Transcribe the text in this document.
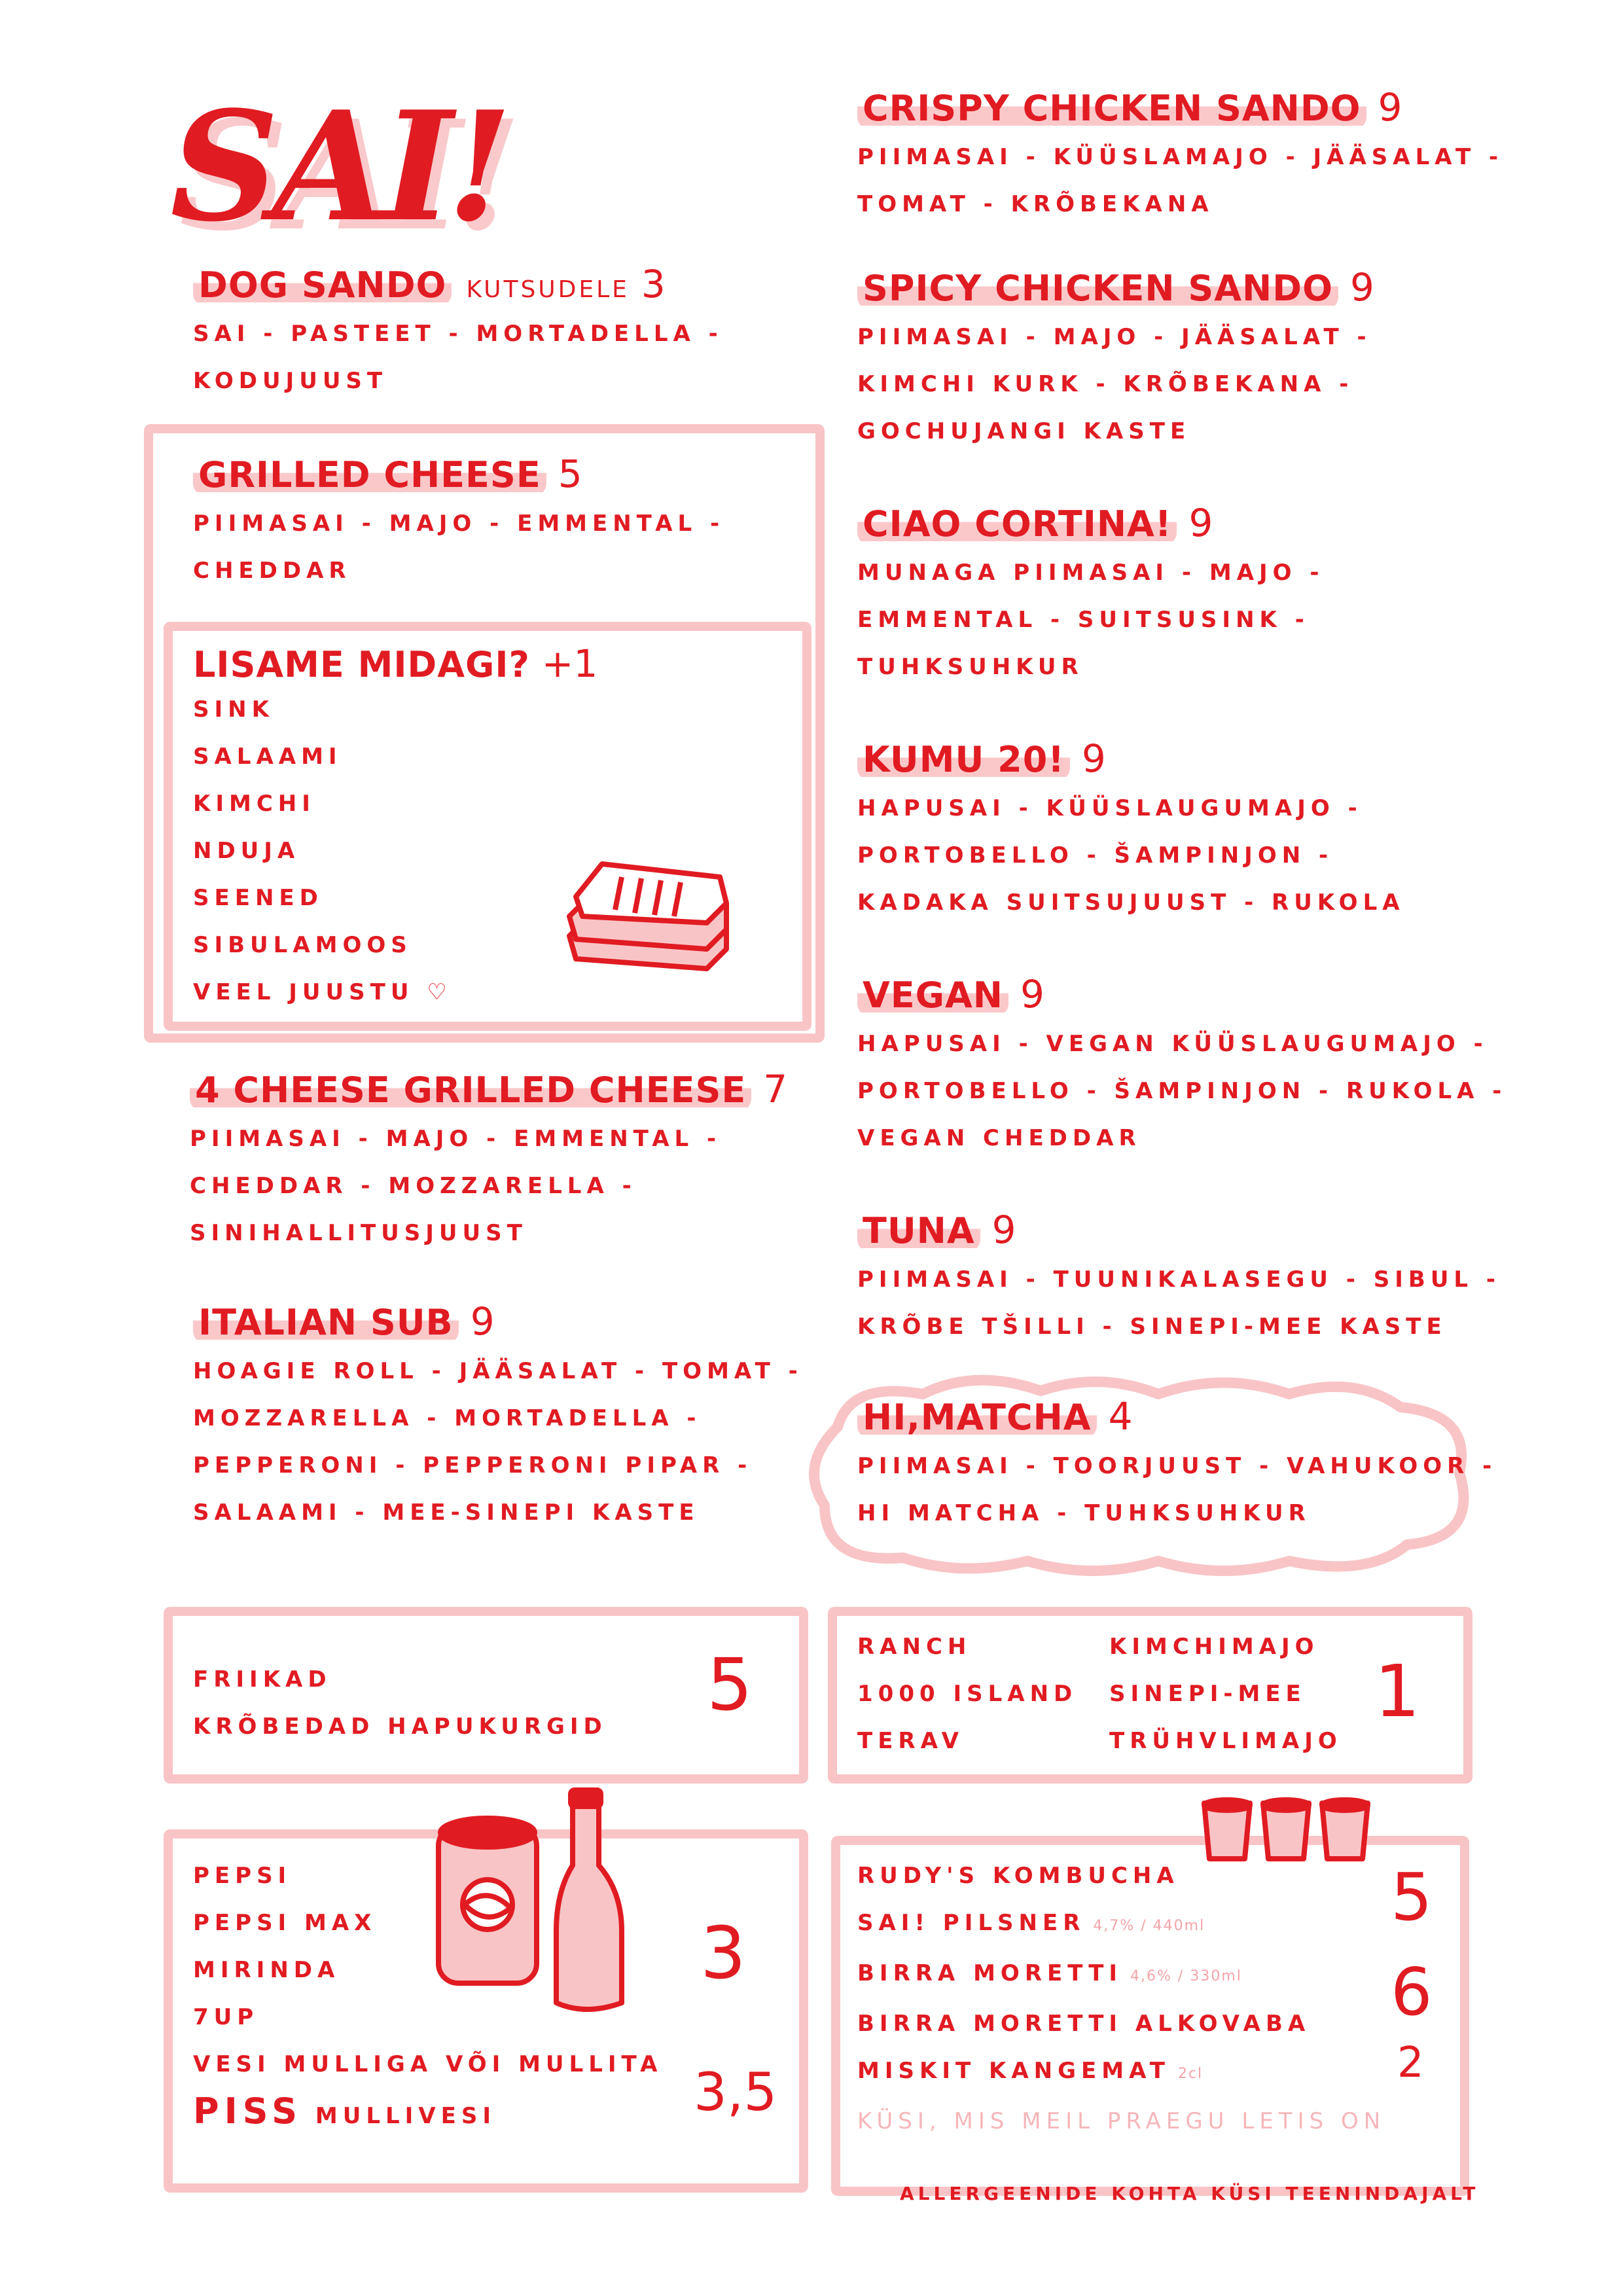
SAI!
DOG SANDO KUTSUDELE 3
SAI - PASTEET - MORTADELLA -
KODUJUUST
GRILLED CHEESE 5
PIIMASAI - MAJO - EMMENTAL -
CHEDDAR
LISAME MIDAGI? +1
SINK
SALAAMI
KIMCHI
NDUJA
SEENED
SIBULAMOOS
VEEL JUUSTU ♡
4 CHEESE GRILLED CHEESE 7
PIIMASAI - MAJO - EMMENTAL -
CHEDDAR - MOZZARELLA -
SINIHALLITUSJUUST
ITALIAN SUB 9
HOAGIE ROLL - JÄÄSALAT - TOMAT -
MOZZARELLA - MORTADELLA -
PEPPERONI - PEPPERONI PIPAR -
SALAAMI - MEE-SINEPI KASTE
CRISPY CHICKEN SANDO 9
PIIMASAI - KÜÜSLAMAJO - JÄÄSALAT -
TOMAT - KRÕBEKANA
SPICY CHICKEN SANDO 9
PIIMASAI - MAJO - JÄÄSALAT -
KIMCHI KURK - KRÕBEKANA -
GOCHUJANGI KASTE
CIAO CORTINA! 9
MUNAGA PIIMASAI - MAJO -
EMMENTAL - SUITSUSINK -
TUHKSUHKUR
KUMU 20! 9
HAPUSAI - KÜÜSLAUGUMAJO -
PORTOBELLO - ŠAMPINJON -
KADAKA SUITSUJUUST - RUKOLA
VEGAN 9
HAPUSAI - VEGAN KÜÜSLAUGUMAJO -
PORTOBELLO - ŠAMPINJON - RUKOLA -
VEGAN CHEDDAR
TUNA 9
PIIMASAI - TUUNIKALASEGU - SIBUL -
KRÕBE TŠILLI - SINEPI-MEE KASTE
HI,MATCHA 4
PIIMASAI - TOORJUUST - VAHUKOOR -
HI MATCHA - TUHKSUHKUR
FRIIKAD
KRÕBEDAD HAPUKURGID 5	RANCH
1000 ISLAND
TERAV
KIMCHIMAJO
SINEPI-MEE
TRÜHVLIMAJO
1
PEPSI
PEPSI MAX
MIRINDA
7UP
VESI MULLIGA VÕI MULLITA
PISS MULLIVESI
3
3,5
RUDY'S KOMBUCHA
SAI! PILSNER 4,7% / 440ml
BIRRA MORETTI 4,6% / 330ml
BIRRA MORETTI ALKOVABA
MISKIT KANGEMAT 2cl
KÜSI, MIS MEIL PRAEGU LETIS ON
5
6
2
ALLERGEENIDE KOHTA KÜSI TEENINDAJALT
